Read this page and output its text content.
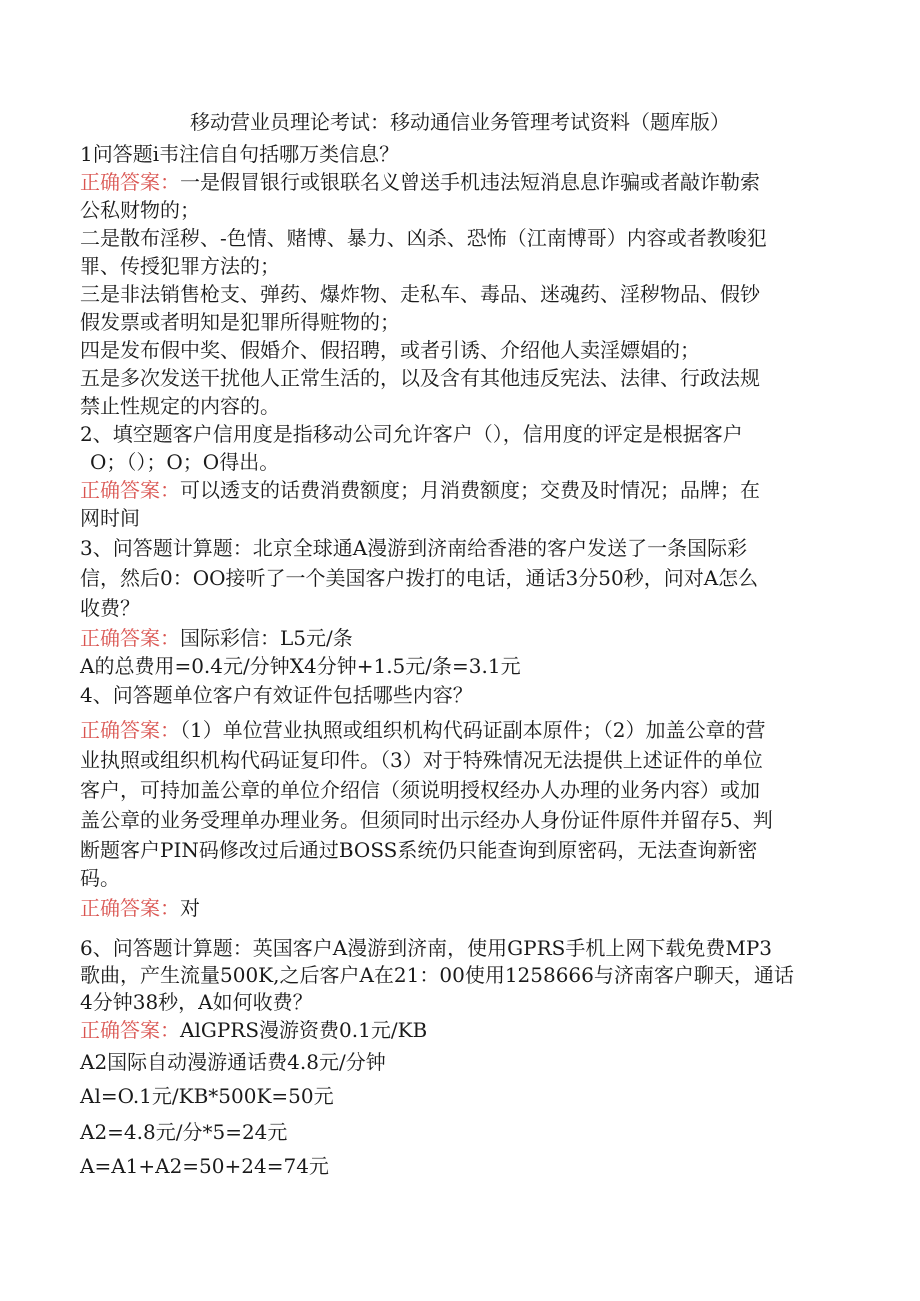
移动营业员理论考试：移动通信业务管理考试资料（题库版）
1问答题i韦注信自句括哪万类信息？
正确答案：一是假冒银行或银联名义曾送手机违法短消息息诈骗或者敲诈勒索
公私财物的；
二是散布淫秽、-色情、赌博、暴力、凶杀、恐怖（江南博哥）内容或者教唆犯
罪、传授犯罪方法的；
三是非法销售枪支、弹药、爆炸物、走私车、毒品、迷魂药、淫秽物品、假钞
假发票或者明知是犯罪所得赃物的；
四是发布假中奖、假婚介、假招聘，或者引诱、介绍他人卖淫嫖娼的；
五是多次发送干扰他人正常生活的，以及含有其他违反宪法、法律、行政法规
禁止性规定的内容的。
2、填空题客户信用度是指移动公司允许客户（），信用度的评定是根据客户
O；（）；O；O得出。
正确答案：可以透支的话费消费额度；月消费额度；交费及时情况；品牌；在
网时间
3、问答题计算题：北京全球通A漫游到济南给香港的客户发送了一条国际彩
信，然后0：OO接听了一个美国客户拨打的电话，通话3分50秒，问对A怎么
收费？
正确答案：国际彩信：L5元/条
A的总费用=0.4元/分钟X4分钟+1.5元/条=3.1元
4、问答题单位客户有效证件包括哪些内容？
正确答案：（1）单位营业执照或组织机构代码证副本原件；（2）加盖公章的营
业执照或组织机构代码证复印件。（3）对于特殊情况无法提供上述证件的单位
客户，可持加盖公章的单位介绍信（须说明授权经办人办理的业务内容）或加
盖公章的业务受理单办理业务。但须同时出示经办人身份证件原件并留存5、判
断题客户PIN码修改过后通过BOSS系统仍只能查询到原密码，无法查询新密
码。
正确答案：对
6、问答题计算题：英国客户A漫游到济南，使用GPRS手机上网下载免费MP3
歌曲，产生流量500K,之后客户A在21：00使用1258666与济南客户聊天，通话
4分钟38秒，A如何收费？
正确答案：AlGPRS漫游资费0.1元/KB
A2国际自动漫游通话费4.8元/分钟
Al=O.1元/KB*500K=50元
A2=4.8元/分*5=24元
A=A1+A2=50+24=74元
